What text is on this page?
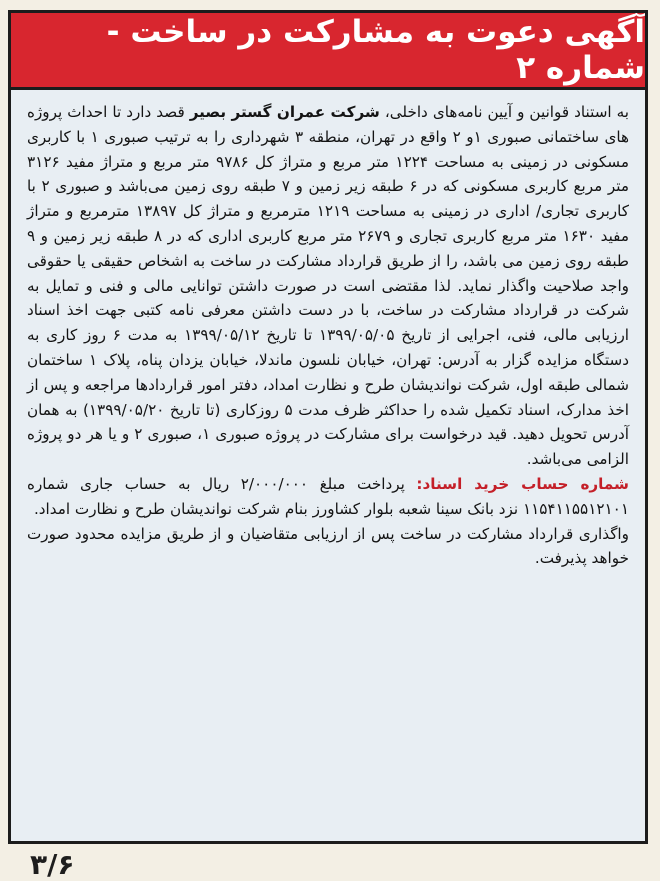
آگهی دعوت به مشارکت در ساخت - شماره ۲

به استناد قوانین و آیین نامه‌های داخلی، شرکت عمران گستر بصیر قصد دارد تا احداث پروژه های ساختمانی صبوری ۱و ۲ واقع در تهران، منطقه ۳ شهرداری را به ترتیب صبوری ۱ با کاربری مسکونی در زمینی به مساحت ۱۲۲۴ متر مربع و متراژ کل ۹۷۸۶ متر مربع و متراژ مفید ۳۱۲۶ متر مربع کاربری مسکونی که در ۶ طبقه زیر زمین و ۷ طبقه روی زمین می‌باشد و صبوری ۲ با کاربری تجاری/ اداری در زمینی به مساحت ۱۲۱۹ مترمربع و متراژ کل ۱۳۸۹۷ مترمربع و متراژ مفید ۱۶۳۰ متر مربع کاربری تجاری و ۲۶۷۹ متر مربع کاربری اداری که در ۸ طبقه زیر زمین و ۹ طبقه روی زمین می باشد، را از طریق قرارداد مشارکت در ساخت به اشخاص حقیقی یا حقوقی واجد صلاحیت واگذار نماید. لذا مقتضی است در صورت داشتن توانایی مالی و فنی و تمایل به شرکت در قرارداد مشارکت در ساخت، با در دست داشتن معرفی نامه کتبی جهت اخذ اسناد ارزیابی مالی، فنی، اجرایی از تاریخ ۱۳۹۹/۰۵/۰۵ تا تاریخ ۱۳۹۹/۰۵/۱۲ به مدت ۶ روز کاری به دستگاه مزایده گزار به آدرس: تهران، خیابان نلسون ماندلا، خیابان یزدان پناه، پلاک ۱ ساختمان شمالی طبقه اول، شرکت نواندیشان طرح و نظارت امداد، دفتر امور قراردادها مراجعه و پس از اخذ مدارک، اسناد تکمیل شده را حداکثر ظرف مدت ۵ روزکاری (تا تاریخ ۱۳۹۹/۰۵/۲۰) به همان آدرس تحویل دهید. قید درخواست برای مشارکت در پروژه صبوری ۱، صبوری ۲ و یا هر دو پروژه الزامی می‌باشد.

شماره حساب خرید اسناد: پرداخت مبلغ ۲/۰۰۰/۰۰۰ ریال به حساب جاری شماره ۱۱۵۴۱۱۵۵۱۲۱۰۱ نزد بانک سینا شعبه بلوار کشاورز بنام شرکت نواندیشان طرح و نظارت امداد.

واگذاری قرارداد مشارکت در ساخت پس از ارزیابی متقاضیان و از طریق مزایده محدود صورت خواهد پذیرفت.

۳/۶
